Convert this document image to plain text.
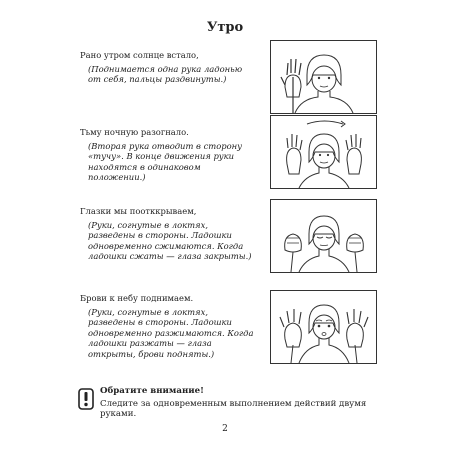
Утро
Рано утром солнце встало,
(Поднимается одна рука ладонью от себя, пальцы раздвинуты.)
Тьму ночную разогнало.
(Вторая рука отводит в сторону «тучу». В конце движения руки находятся в одинаковом положении.)
Глазки мы поотккрываем,
(Руки, согнутые в локтях, разведены в стороны. Ладошки одновременно сжимаются. Когда ладошки сжаты — глаза закрыты.)
Брови к небу поднимаем.
(Руки, согнутые в локтях, разведены в стороны. Ладошки одновременно разжимаются. Когда ладошки разжаты — глаза открыты, брови подняты.)
Обратите внимание!
Следите за одновременным выполнением действий двумя руками.
2
